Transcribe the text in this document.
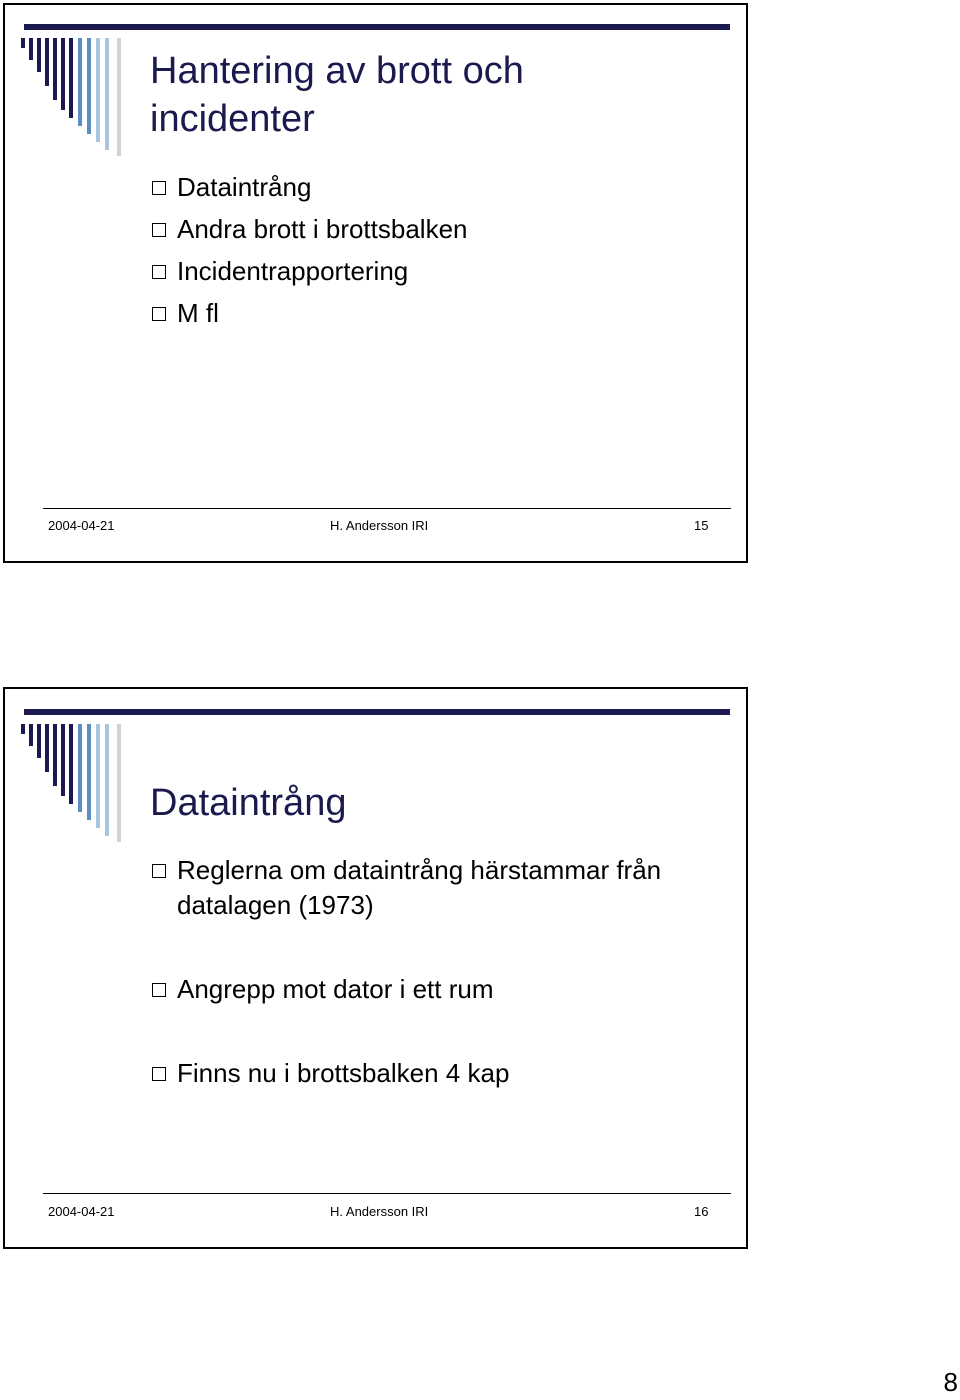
Hantering av brott och incidenter
Dataintrång
Andra brott i brottsbalken
Incidentrapportering
M fl

2004-04-21	H. Andersson IRI	15

Dataintrång
Reglerna om dataintrång härstammar från datalagen (1973)
Angrepp mot dator i ett rum
Finns nu i brottsbalken 4 kap

2004-04-21	H. Andersson IRI	16

8
